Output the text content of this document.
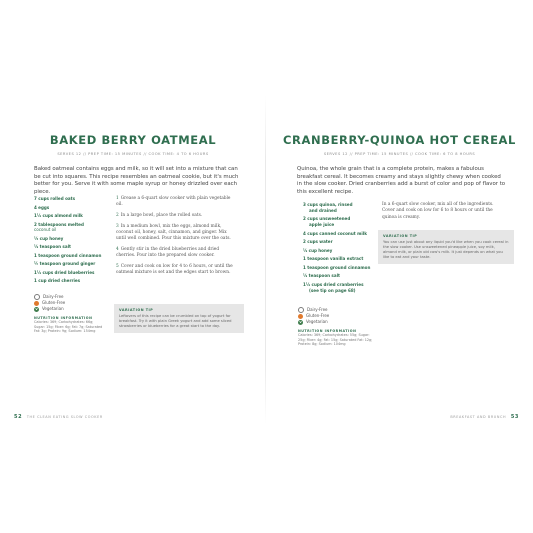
BAKED BERRY OATMEAL
SERVES 12 // PREP TIME: 15 MINUTES // COOK TIME: 4 TO 6 HOURS
Baked oatmeal contains eggs and milk, so it will set into a mixture that can be cut into squares. This recipe resembles an oatmeal cookie, but it's much better for you. Serve it with some maple syrup or honey drizzled over each piece.
7 cups rolled oats
4 eggs
1½ cups almond milk
2 tablespoons melted
coconut oil
⅓ cup honey
½ teaspoon salt
1 teaspoon ground cinnamon
¼ teaspoon ground ginger
1½ cups dried blueberries
1 cup dried cherries
Dairy-Free
Gluten-Free
V	Vegetarian
NUTRITION INFORMATION
Calories: 369; Carbohydrates: 66g; Sugar: 15g; Fiber: 6g; Fat: 7g; Saturated Fat: 3g; Protein: 9g; Sodium: 154mg
1 Grease a 6-quart slow cooker with plain vegetable oil.
2 In a large bowl, place the rolled oats.
3 In a medium bowl, mix the eggs, almond milk, coconut oil, honey, salt, cinnamon, and ginger. Mix until well combined. Pour this mixture over the oats.
4 Gently stir in the dried blueberries and dried cherries. Pour into the prepared slow cooker.
5 Cover and cook on low for 4 to 6 hours, or until the oatmeal mixture is set and the edges start to brown.
VARIATION TIP
Leftovers of this recipe can be crumbled on top of yogurt for breakfast. Try it with plain Greek yogurt and add some sliced strawberries or blueberries for a great start to the day.
52 THE CLEAN EATING SLOW COOKER
CRANBERRY-QUINOA HOT CEREAL
SERVES 12 // PREP TIME: 15 MINUTES // COOK TIME: 6 TO 8 HOURS
Quinoa, the whole grain that is a complete protein, makes a fabulous breakfast cereal. It becomes creamy and stays slightly chewy when cooked in the slow cooker. Dried cranberries add a burst of color and pop of flavor to this excellent recipe.
3 cups quinoa, rinsed
and drained
2 cups unsweetened
apple juice
4 cups canned coconut milk
2 cups water
½ cup honey
1 teaspoon vanilla extract
1 teaspoon ground cinnamon
½ teaspoon salt
1½ cups dried cranberries
(see tip on page 68)
Dairy-Free
Gluten-Free
V	Vegetarian
NUTRITION INFORMATION
Calories: 369; Carbohydrates: 55g; Sugar: 25g; Fiber: 4g; Fat: 15g; Saturated Fat: 12g; Protein: 8g; Sodium: 104mg
In a 6-quart slow cooker, mix all of the ingredients. Cover and cook on low for 6 to 8 hours or until the quinoa is creamy.
VARIATION TIP
You can use just about any liquid you'd like when you cook cereal in the slow cooker. Use unsweetened pineapple juice, soy milk, almond milk, or plain old cow's milk. It just depends on what you like to eat and your taste.
BREAKFAST AND BRUNCH 53
